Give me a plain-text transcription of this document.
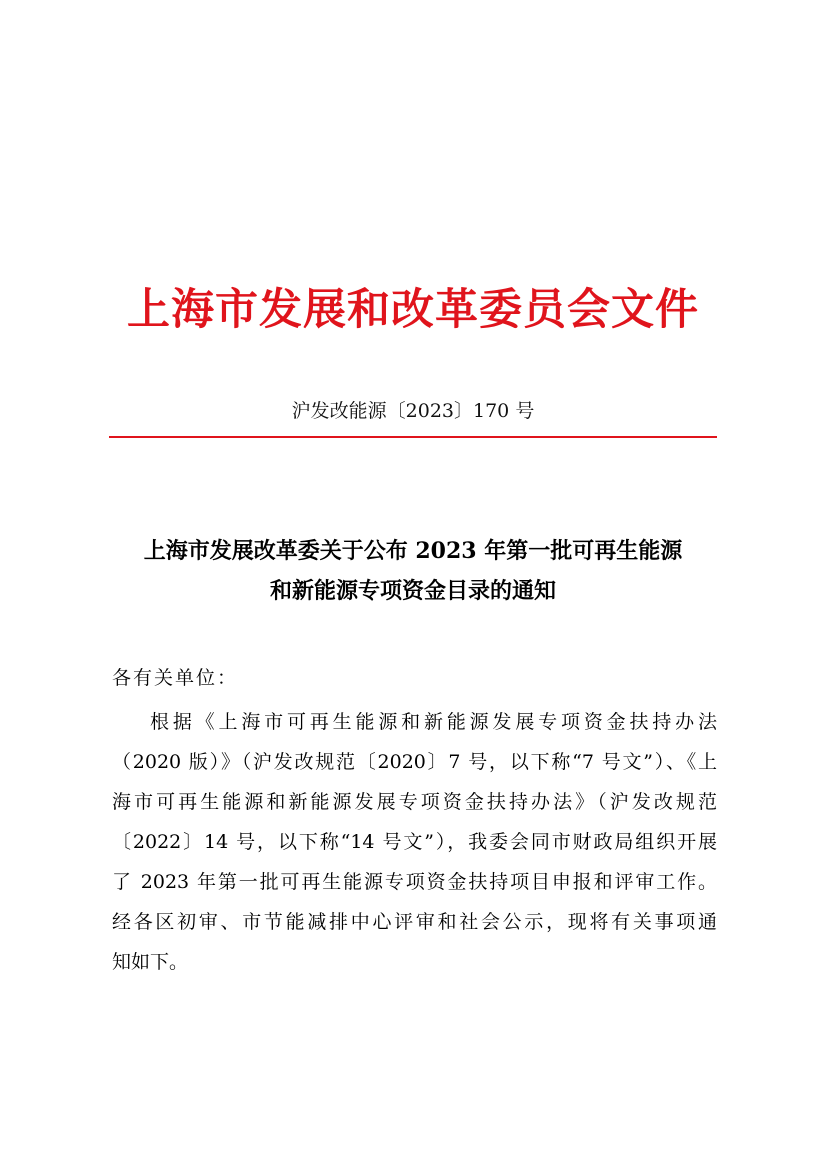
上海市发展和改革委员会文件
沪发改能源〔2023〕170 号
上海市发展改革委关于公布 2023 年第一批可再生能源
和新能源专项资金目录的通知
各有关单位：
根据《上海市可再生能源和新能源发展专项资金扶持办法
（2020 版）》（沪发改规范〔2020〕7 号，以下称“7 号文”）、《上
海市可再生能源和新能源发展专项资金扶持办法》（沪发改规范
〔2022〕14 号，以下称“14 号文”），我委会同市财政局组织开展
了 2023 年第一批可再生能源专项资金扶持项目申报和评审工作。
经各区初审、市节能减排中心评审和社会公示，现将有关事项通
知如下。
